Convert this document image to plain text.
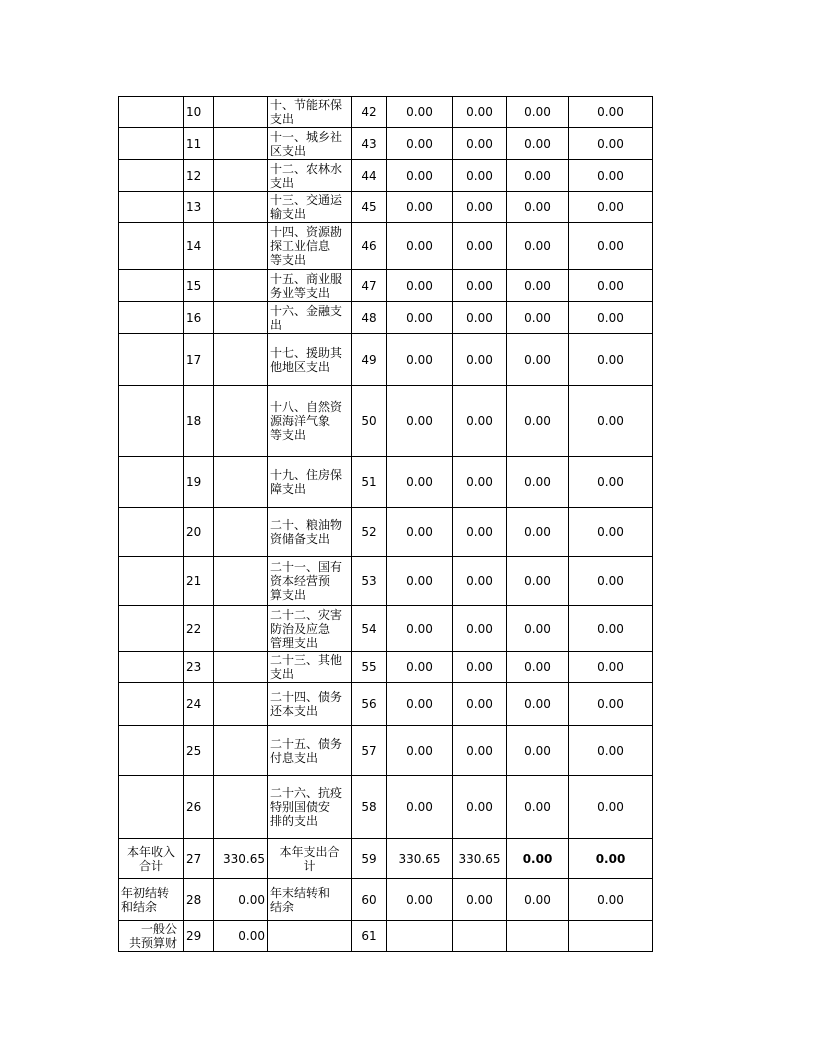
	10		十、节能环保
支出	42	0.00	0.00	0.00	0.00
	11		十一、城乡社
区支出	43	0.00	0.00	0.00	0.00
	12		十二、农林水
支出	44	0.00	0.00	0.00	0.00
	13		十三、交通运
输支出	45	0.00	0.00	0.00	0.00
	14		十四、资源勘
探工业信息
等支出	46	0.00	0.00	0.00	0.00
	15		十五、商业服
务业等支出	47	0.00	0.00	0.00	0.00
	16		十六、金融支
出	48	0.00	0.00	0.00	0.00
	17		十七、援助其
他地区支出	49	0.00	0.00	0.00	0.00
	18		十八、自然资
源海洋气象
等支出	50	0.00	0.00	0.00	0.00
	19		十九、住房保
障支出	51	0.00	0.00	0.00	0.00
	20		二十、粮油物
资储备支出	52	0.00	0.00	0.00	0.00
	21		二十一、国有
资本经营预
算支出	53	0.00	0.00	0.00	0.00
	22		二十二、灾害
防治及应急
管理支出	54	0.00	0.00	0.00	0.00
	23		二十三、其他
支出	55	0.00	0.00	0.00	0.00
	24		二十四、债务
还本支出	56	0.00	0.00	0.00	0.00
	25		二十五、债务
付息支出	57	0.00	0.00	0.00	0.00
	26		二十六、抗疫
特别国债安
排的支出	58	0.00	0.00	0.00	0.00
本年收入
合计	27	330.65	本年支出合
计	59	330.65	330.65	0.00	0.00
年初结转
和结余	28	0.00	年末结转和
结余	60	0.00	0.00	0.00	0.00
一般公
共预算财	29	0.00		61				
